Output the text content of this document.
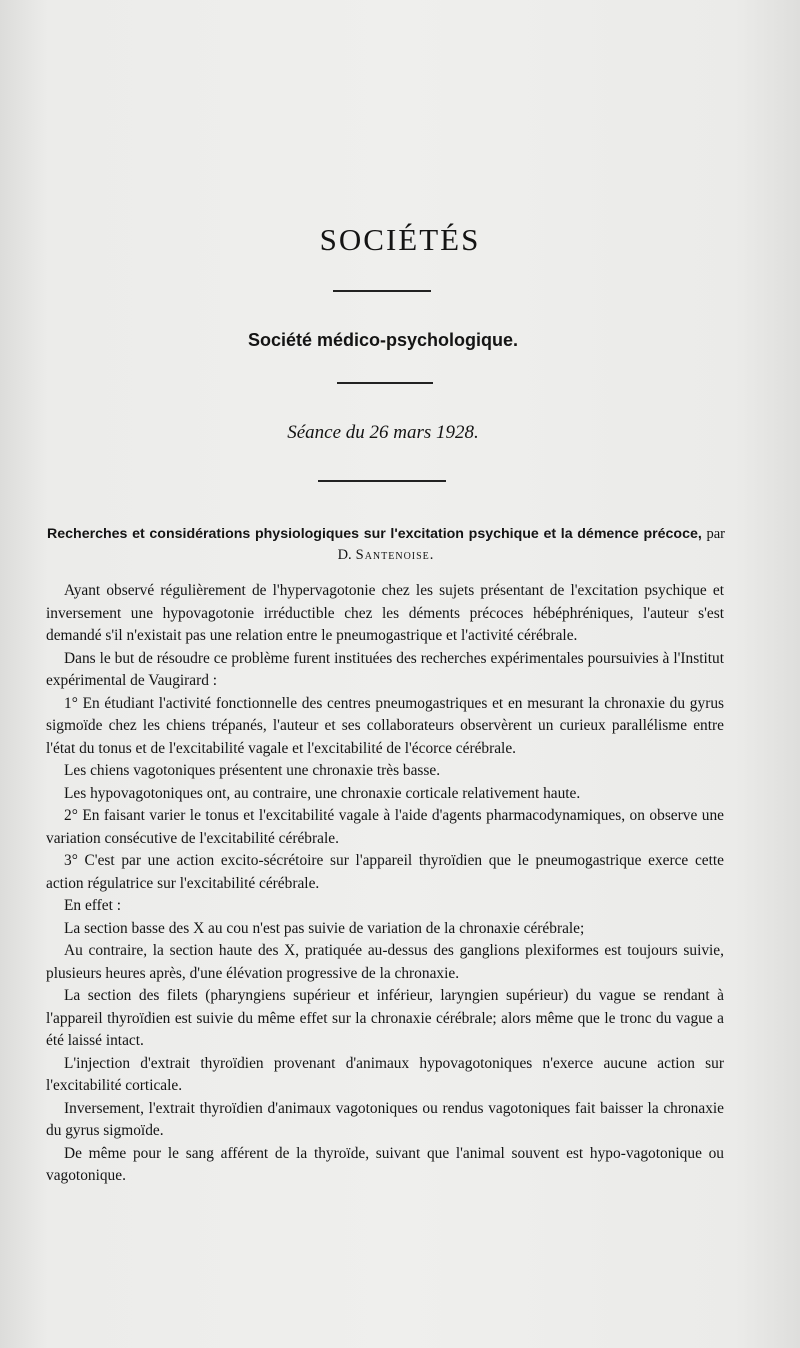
SOCIÉTÉS
Société médico-psychologique.
Séance du 26 mars 1928.
Recherches et considérations physiologiques sur l'excitation psychique et la démence précoce, par D. Santenoise.

Ayant observé régulièrement de l'hypervagotonie chez les sujets présentant de l'excitation psychique et inversement une hypovagotonie irréductible chez les déments précoces hébéphréniques, l'auteur s'est demandé s'il n'existait pas une relation entre le pneumogastrique et l'activité cérébrale.

Dans le but de résoudre ce problème furent instituées des recherches expérimentales poursuivies à l'Institut expérimental de Vaugirard :

1° En étudiant l'activité fonctionnelle des centres pneumogastriques et en mesurant la chronaxie du gyrus sigmoïde chez les chiens trépanés, l'auteur et ses collaborateurs observèrent un curieux parallélisme entre l'état du tonus et de l'excitabilité vagale et l'excitabilité de l'écorce cérébrale.

Les chiens vagotoniques présentent une chronaxie très basse.

Les hypovagotoniques ont, au contraire, une chronaxie corticale relativement haute.

2° En faisant varier le tonus et l'excitabilité vagale à l'aide d'agents pharmacodynamiques, on observe une variation consécutive de l'excitabilité cérébrale.

3° C'est par une action excito-sécrétoire sur l'appareil thyroïdien que le pneumogastrique exerce cette action régulatrice sur l'excitabilité cérébrale.

En effet :

La section basse des X au cou n'est pas suivie de variation de la chronaxie cérébrale;

Au contraire, la section haute des X, pratiquée au-dessus des ganglions plexiformes est toujours suivie, plusieurs heures après, d'une élévation progressive de la chronaxie.

La section des filets (pharyngiens supérieur et inférieur, laryngien supérieur) du vague se rendant à l'appareil thyroïdien est suivie du même effet sur la chronaxie cérébrale; alors même que le tronc du vague a été laissé intact.

L'injection d'extrait thyroïdien provenant d'animaux hypovagotoniques n'exerce aucune action sur l'excitabilité corticale.

Inversement, l'extrait thyroïdien d'animaux vagotoniques ou rendus vagotoniques fait baisser la chronaxie du gyrus sigmoïde.

De même pour le sang afférent de la thyroïde, suivant que l'animal souvent est hypo-vagotonique ou vagotonique.
